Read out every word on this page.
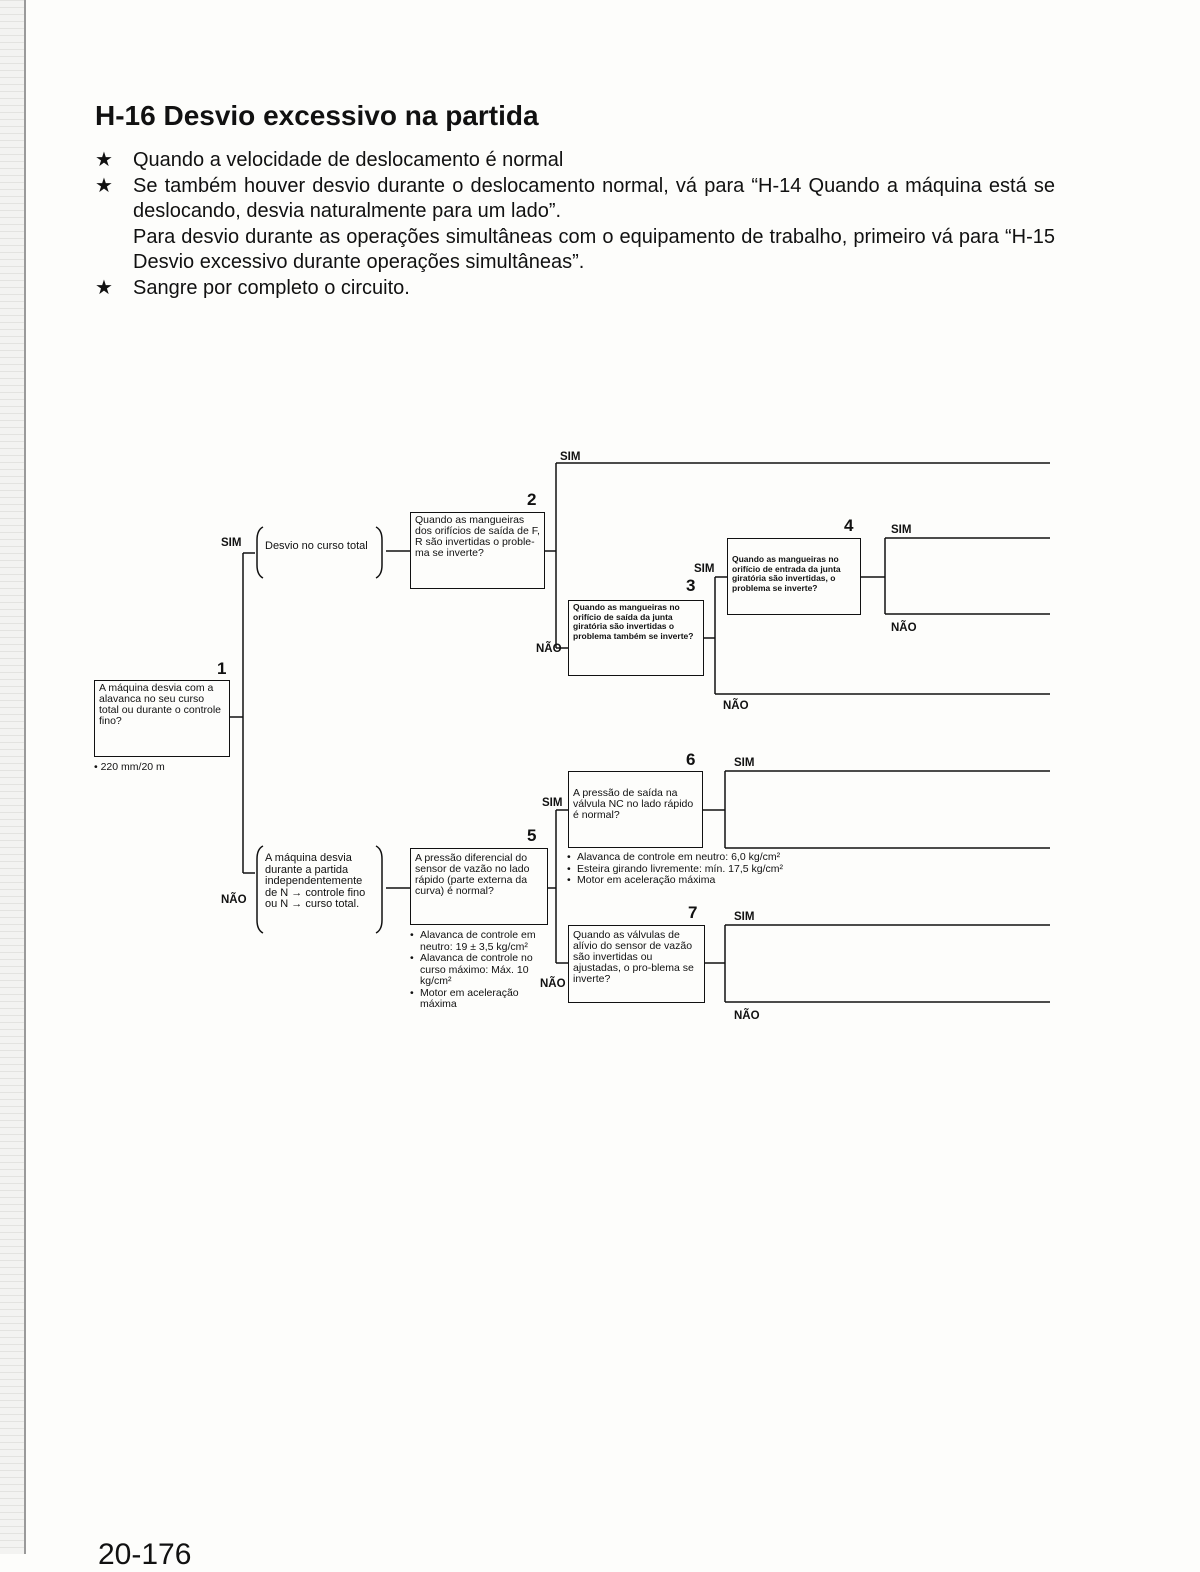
H-16 Desvio excessivo na partida
★	Quando a velocidade de deslocamento é normal

★	Se também houver desvio durante o deslocamento normal, vá para “H-14 Quando a máquina está se deslocando, desvia naturalmente para um lado”.

Para desvio durante as operações simultâneas com o equipamento de trabalho, primeiro vá para “H-15 Desvio excessivo durante operações simultâneas”.

★	Sangre por completo o circuito.

1
A máquina desvia com a alavanca no seu curso total ou durante o controle fino?
• 220 mm/20 m
SIM
NÃO
Desvio no curso total
A máquina desvia durante a partida independentemente de N → controle fino ou N → curso total.
2
Quando as mangueiras dos orifícios de saída de F, R são invertidas o proble-ma se inverte?
SIM
NÃO
3
Quando as mangueiras no orifício de saída da junta giratória são invertidas o problema também se inverte?
SIM
NÃO
4
Quando as mangueiras no orifício de entrada da junta giratória são invertidas, o problema se inverte?
SIM
NÃO
5
A pressão diferencial do sensor de vazão no lado rápido (parte externa da curva) é normal?
SIM
NÃO
• Alavanca de controle em neutro: 19 ± 3,5 kg/cm²
• Alavanca de controle no curso máximo: Máx. 10 kg/cm²
• Motor em aceleração máxima
6
A pressão de saída na válvula NC no lado rápido é normal?
SIM
• Alavanca de controle em neutro: 6,0 kg/cm²
• Esteira girando livremente: mín. 17,5 kg/cm²
• Motor em aceleração máxima
7
Quando as válvulas de alívio do sensor de vazão são invertidas ou ajustadas, o pro-blema se inverte?
SIM
NÃO
20-176
